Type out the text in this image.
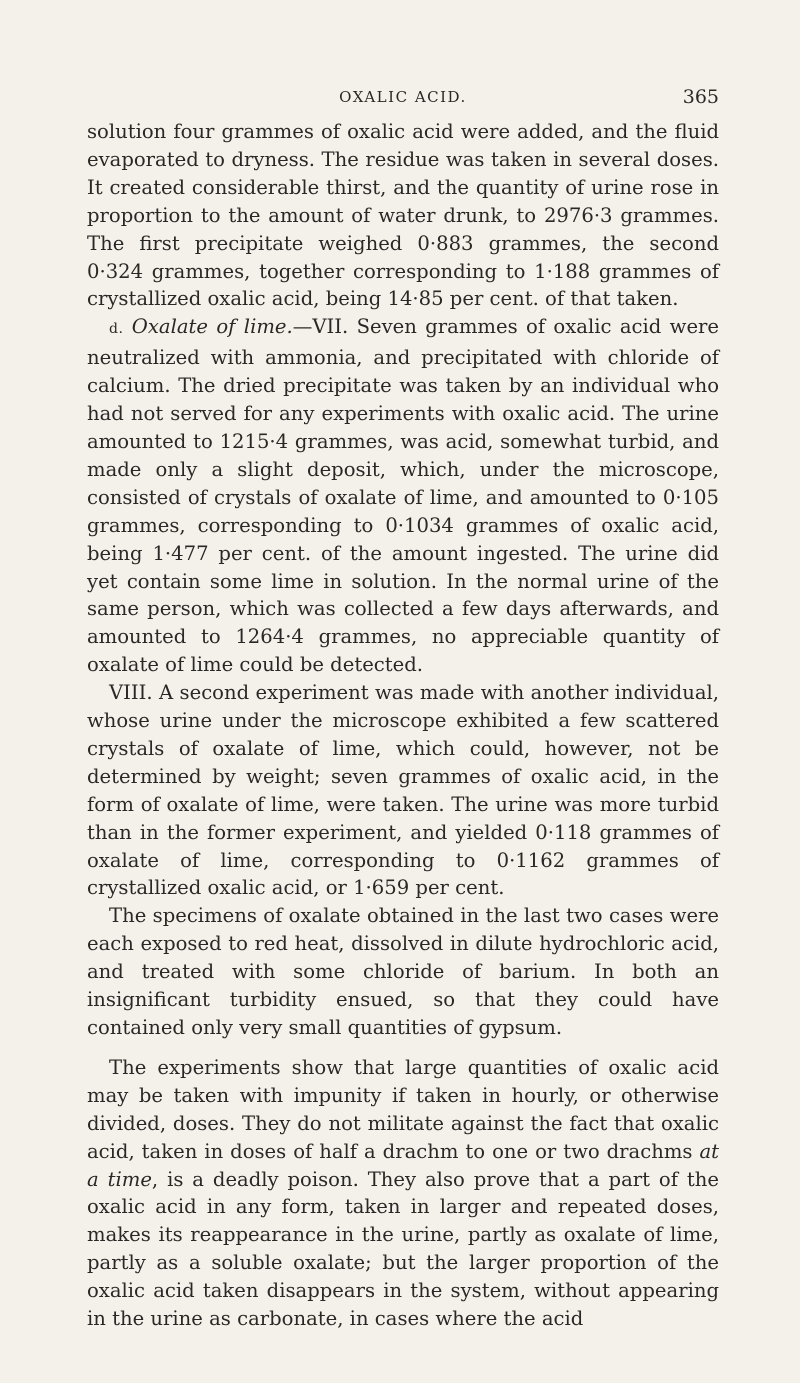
OXALIC ACID.	365

solution four grammes of oxalic acid were added, and the fluid evaporated to dryness. The residue was taken in several doses. It created considerable thirst, and the quantity of urine rose in proportion to the amount of water drunk, to 2976·3 grammes. The first precipitate weighed 0·883 grammes, the second 0·324 grammes, together corresponding to 1·188 grammes of crystallized oxalic acid, being 14·85 per cent. of that taken.

d. Oxalate of lime.—VII. Seven grammes of oxalic acid were neutralized with ammonia, and precipitated with chloride of calcium. The dried precipitate was taken by an individual who had not served for any experiments with oxalic acid. The urine amounted to 1215·4 grammes, was acid, somewhat turbid, and made only a slight deposit, which, under the microscope, consisted of crystals of oxalate of lime, and amounted to 0·105 grammes, corresponding to 0·1034 grammes of oxalic acid, being 1·477 per cent. of the amount ingested. The urine did yet contain some lime in solution. In the normal urine of the same person, which was collected a few days afterwards, and amounted to 1264·4 grammes, no appreciable quantity of oxalate of lime could be detected.

VIII. A second experiment was made with another individual, whose urine under the microscope exhibited a few scattered crystals of oxalate of lime, which could, however, not be determined by weight; seven grammes of oxalic acid, in the form of oxalate of lime, were taken. The urine was more turbid than in the former experiment, and yielded 0·118 grammes of oxalate of lime, corresponding to 0·1162 grammes of crystallized oxalic acid, or 1·659 per cent.

The specimens of oxalate obtained in the last two cases were each exposed to red heat, dissolved in dilute hydrochloric acid, and treated with some chloride of barium. In both an insignificant turbidity ensued, so that they could have contained only very small quantities of gypsum.

The experiments show that large quantities of oxalic acid may be taken with impunity if taken in hourly, or otherwise divided, doses. They do not militate against the fact that oxalic acid, taken in doses of half a drachm to one or two drachms at a time, is a deadly poison. They also prove that a part of the oxalic acid in any form, taken in larger and repeated doses, makes its reappearance in the urine, partly as oxalate of lime, partly as a soluble oxalate; but the larger proportion of the oxalic acid taken disappears in the system, without appearing in the urine as carbonate, in cases where the acid
